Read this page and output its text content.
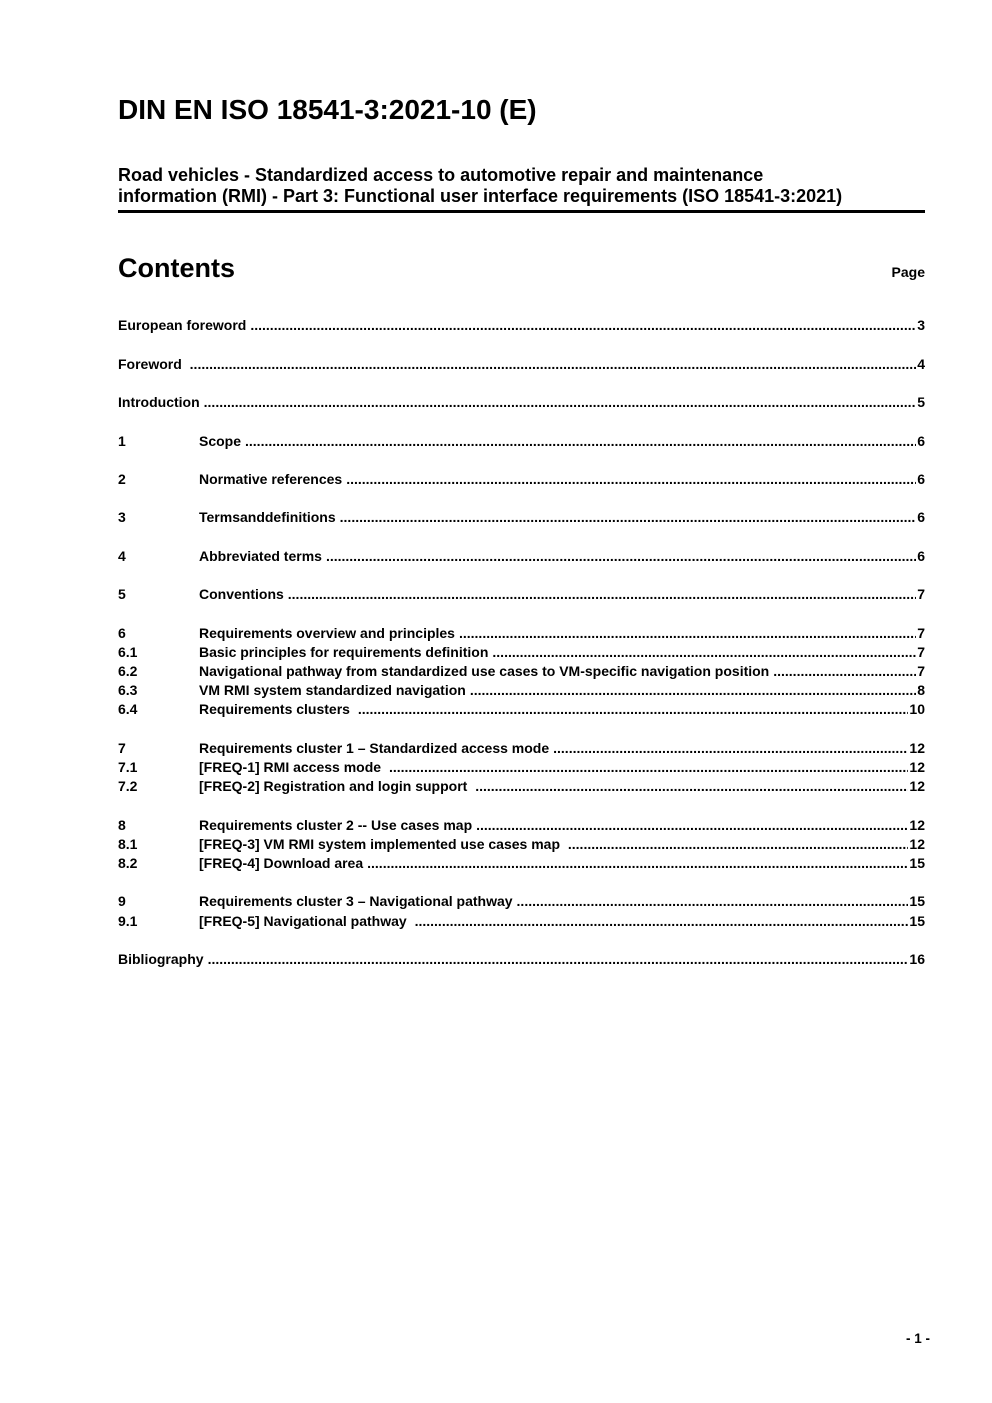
DIN EN ISO 18541-3:2021-10 (E)
Road vehicles - Standardized access to automotive repair and maintenance
information (RMI) - Part 3: Functional user interface requirements (ISO 18541-3:2021)
Contents	Page
European foreword .....	3
Foreword .....	4
Introduction .....	5
1	Scope .....	6
2	Normative references .....	6
3	Termsanddefinitions .....	6
4	Abbreviated terms .....	6
5	Conventions .....	7
6	Requirements overview and principles .....	7
6.1	Basic principles for requirements definition .....	7
6.2	Navigational pathway from standardized use cases to VM-specific navigation position .....	7
6.3	VM RMI system standardized navigation .....	8
6.4	Requirements clusters .....	10
7	Requirements cluster 1 – Standardized access mode .....	12
7.1	[FREQ-1] RMI access mode .....	12
7.2	[FREQ-2] Registration and login support .....	12
8	Requirements cluster 2 -- Use cases map .....	12
8.1	[FREQ-3] VM RMI system implemented use cases map .....	12
8.2	[FREQ-4] Download area .....	15
9	Requirements cluster 3 – Navigational pathway .....	15
9.1	[FREQ-5] Navigational pathway .....	15
Bibliography .....	16
- 1 -
